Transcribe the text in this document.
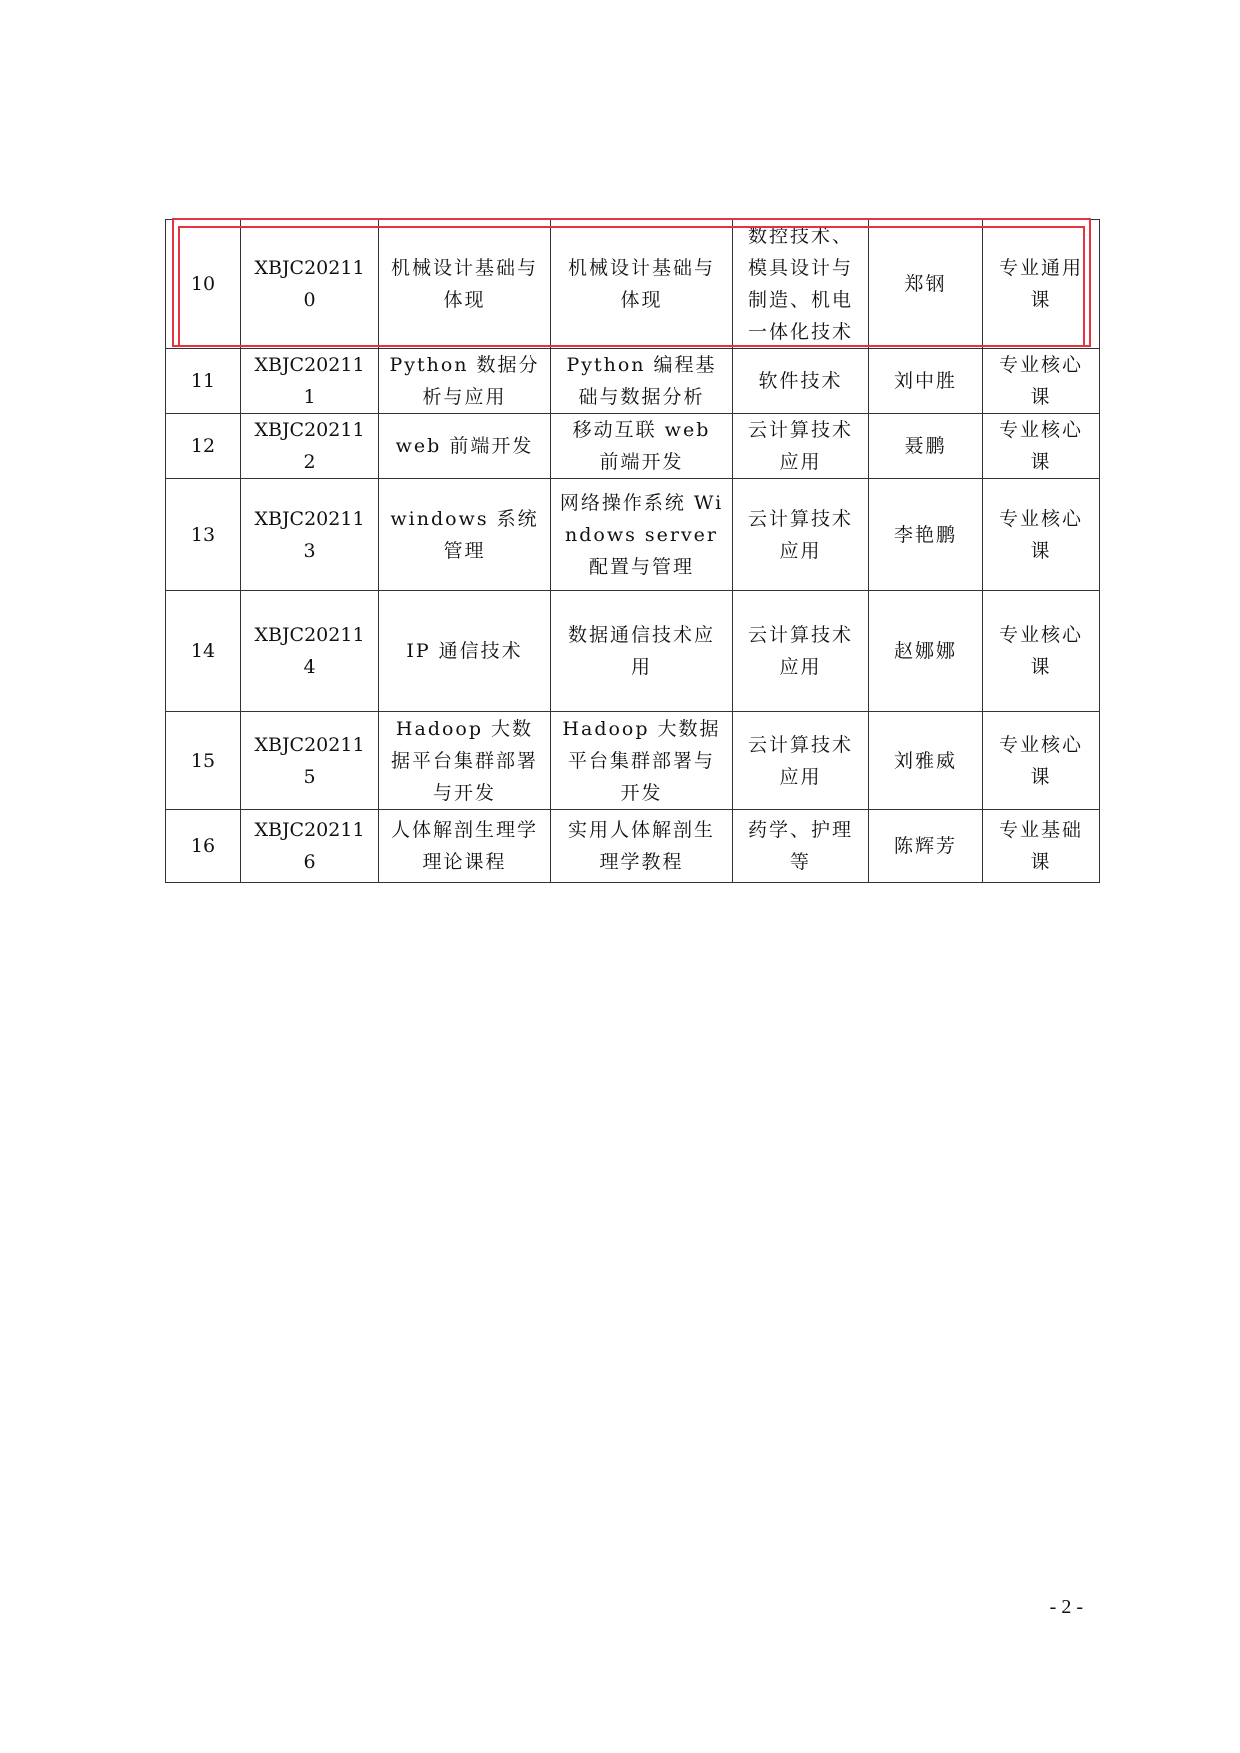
10	XBJC202110	机械设计基础与体现	机械设计基础与体现	数控技术、模具设计与制造、机电一体化技术	郑钢	专业通用课
11	XBJC202111	Python 数据分析与应用	Python 编程基础与数据分析	软件技术	刘中胜	专业核心课
12	XBJC202112	web 前端开发	移动互联 web 前端开发	云计算技术应用	聂鹏	专业核心课
13	XBJC202113	windows 系统管理	网络操作系统 Windows server 配置与管理	云计算技术应用	李艳鹏	专业核心课
14	XBJC202114	IP 通信技术	数据通信技术应用	云计算技术应用	赵娜娜	专业核心课
15	XBJC202115	Hadoop 大数据平台集群部署与开发	Hadoop 大数据平台集群部署与开发	云计算技术应用	刘雅威	专业核心课
16	XBJC202116	人体解剖生理学理论课程	实用人体解剖生理学教程	药学、护理等	陈辉芳	专业基础课
- 2 -
